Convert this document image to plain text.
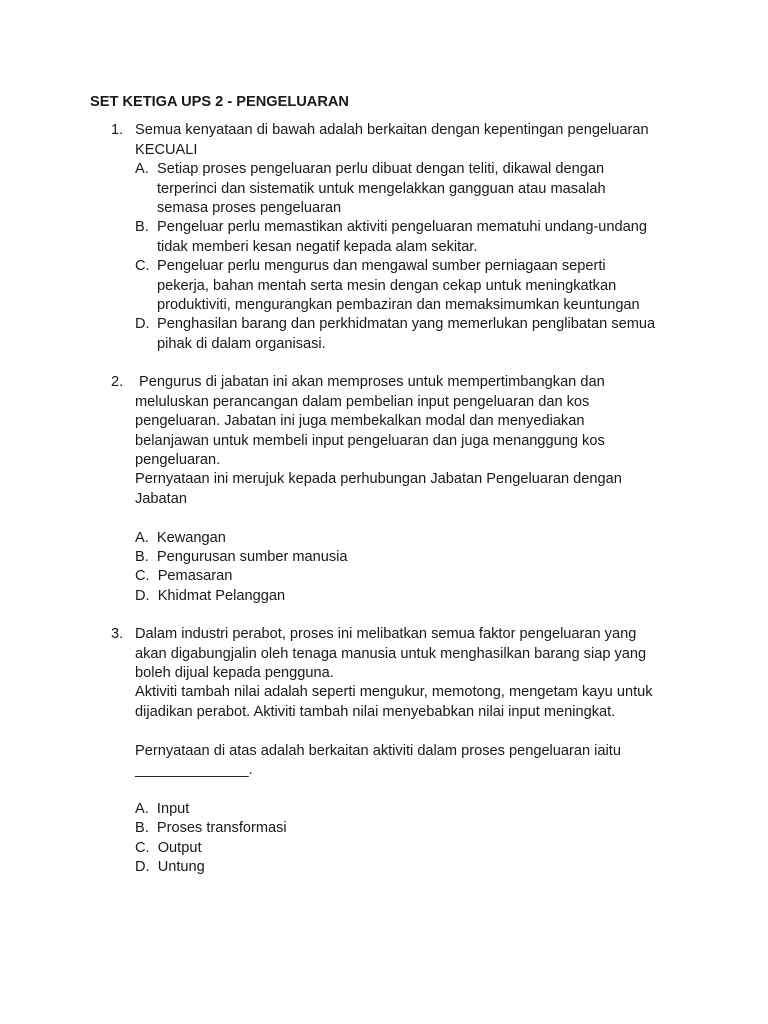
SET KETIGA UPS 2 - PENGELUARAN
1. Semua kenyataan di bawah adalah berkaitan dengan kepentingan pengeluaran
KECUALI
A. Setiap proses pengeluaran perlu dibuat dengan teliti, dikawal dengan
terperinci dan sistematik untuk mengelakkan gangguan atau masalah
semasa proses pengeluaran
B. Pengeluar perlu memastikan aktiviti pengeluaran mematuhi undang-undang
tidak memberi kesan negatif kepada alam sekitar.
C. Pengeluar perlu mengurus dan mengawal sumber perniagaan seperti
pekerja, bahan mentah serta mesin dengan cekap untuk meningkatkan
produktiviti, mengurangkan pembaziran dan memaksimumkan keuntungan
D. Penghasilan barang dan perkhidmatan yang memerlukan penglibatan semua
pihak di dalam organisasi.
2. Pengurus di jabatan ini akan memproses untuk mempertimbangkan dan
meluluskan perancangan dalam pembelian input pengeluaran dan kos
pengeluaran. Jabatan ini juga membekalkan modal dan menyediakan
belanjawan untuk membeli input pengeluaran dan juga menanggung kos
pengeluaran.
Pernyataan ini merujuk kepada perhubungan Jabatan Pengeluaran dengan
Jabatan
A.  Kewangan
B.  Pengurusan sumber manusia
C.  Pemasaran
D.  Khidmat Pelanggan
3. Dalam industri perabot, proses ini melibatkan semua faktor pengeluaran yang
akan digabungjalin oleh tenaga manusia untuk menghasilkan barang siap yang
boleh dijual kepada pengguna.
Aktiviti tambah nilai adalah seperti mengukur, memotong, mengetam kayu untuk
dijadikan perabot. Aktiviti tambah nilai menyebabkan nilai input meningkat.
Pernyataan di atas adalah berkaitan aktiviti dalam proses pengeluaran iaitu
______________.
A.  Input
B.  Proses transformasi
C.  Output
D.  Untung
